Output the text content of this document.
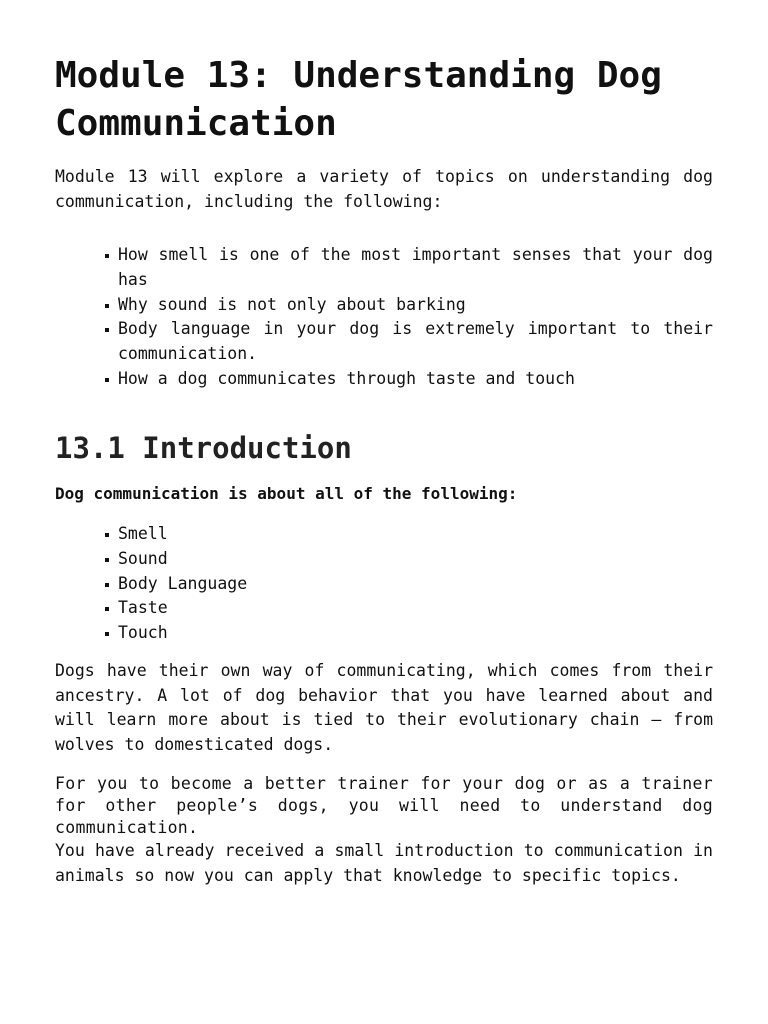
Module 13: Understanding Dog Communication

Module 13 will explore a variety of topics on understanding dog communication, including the following:

How smell is one of the most important senses that your dog has
Why sound is not only about barking
Body language in your dog is extremely important to their communication.
How a dog communicates through taste and touch
13.1 Introduction

Dog communication is about all of the following:

Smell
Sound
Body Language
Taste
Touch

Dogs have their own way of communicating, which comes from their ancestry. A lot of dog behavior that you have learned about and will learn more about is tied to their evolutionary chain – from wolves to domesticated dogs.

For you to become a better trainer for your dog or as a trainer for other people’s dogs, you will need to understand dog communication.

You have already received a small introduction to communication in animals so now you can apply that knowledge to specific topics.
